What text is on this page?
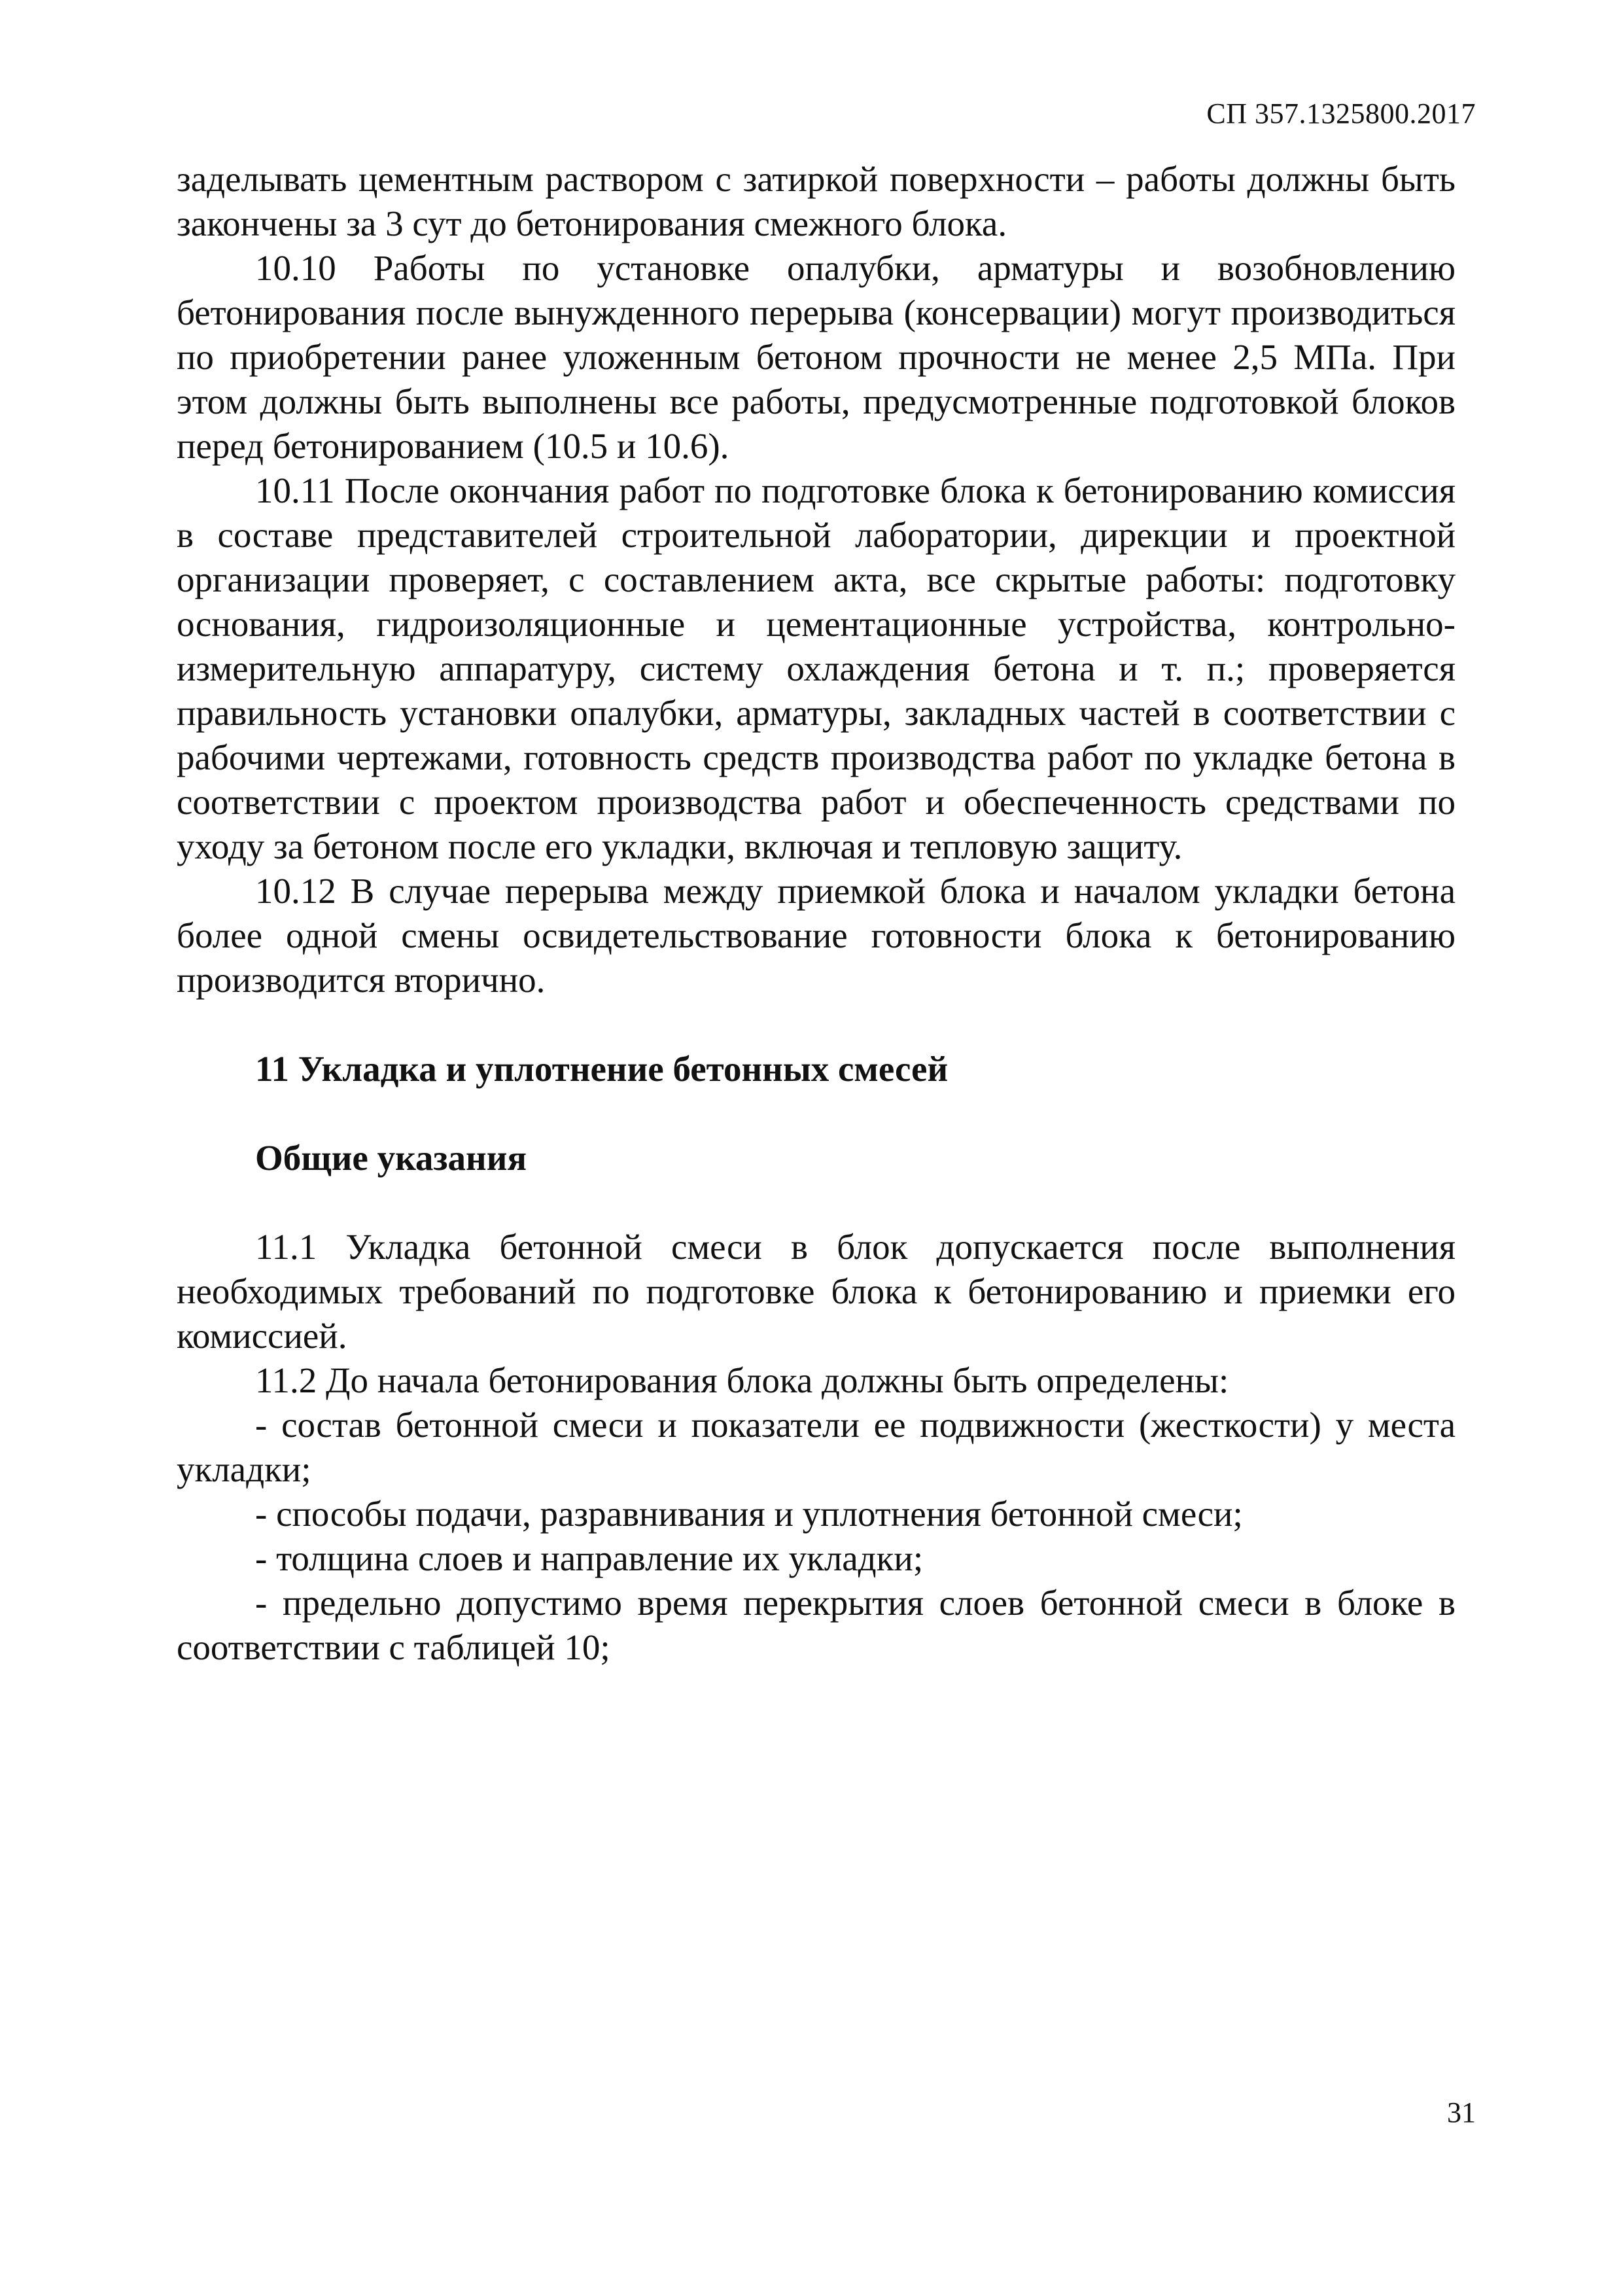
СП 357.1325800.2017

заделывать цементным раствором с затиркой поверхности – работы должны быть закончены за 3 сут до бетонирования смежного блока.

10.10 Работы по установке опалубки, арматуры и возобновлению бетонирования после вынужденного перерыва (консервации) могут производиться по приобретении ранее уложенным бетоном прочности не менее 2,5 МПа. При этом должны быть выполнены все работы, предусмотренные подготовкой блоков перед бетонированием (10.5 и 10.6).

10.11 После окончания работ по подготовке блока к бетонированию комиссия в составе представителей строительной лаборатории, дирекции и проектной организации проверяет, с составлением акта, все скрытые работы: подготовку основания, гидроизоляционные и цементационные устройства, контрольно-измерительную аппаратуру, систему охлаждения бетона и т. п.; проверяется правильность установки опалубки, арматуры, закладных частей в соответствии с рабочими чертежами, готовность средств производства работ по укладке бетона в соответствии с проектом производства работ и обеспеченность средствами по уходу за бетоном после его укладки, включая и тепловую защиту.

10.12 В случае перерыва между приемкой блока и началом укладки бетона более одной смены освидетельствование готовности блока к бетонированию производится вторично.

11 Укладка и уплотнение бетонных смесей
Общие указания

11.1 Укладка бетонной смеси в блок допускается после выполнения необходимых требований по подготовке блока к бетонированию и приемки его комиссией.

11.2 До начала бетонирования блока должны быть определены:

- состав бетонной смеси и показатели ее подвижности (жесткости) у места укладки;

- способы подачи, разравнивания и уплотнения бетонной смеси;

- толщина слоев и направление их укладки;

- предельно допустимо время перекрытия слоев бетонной смеси в блоке в соответствии с таблицей 10;

31
